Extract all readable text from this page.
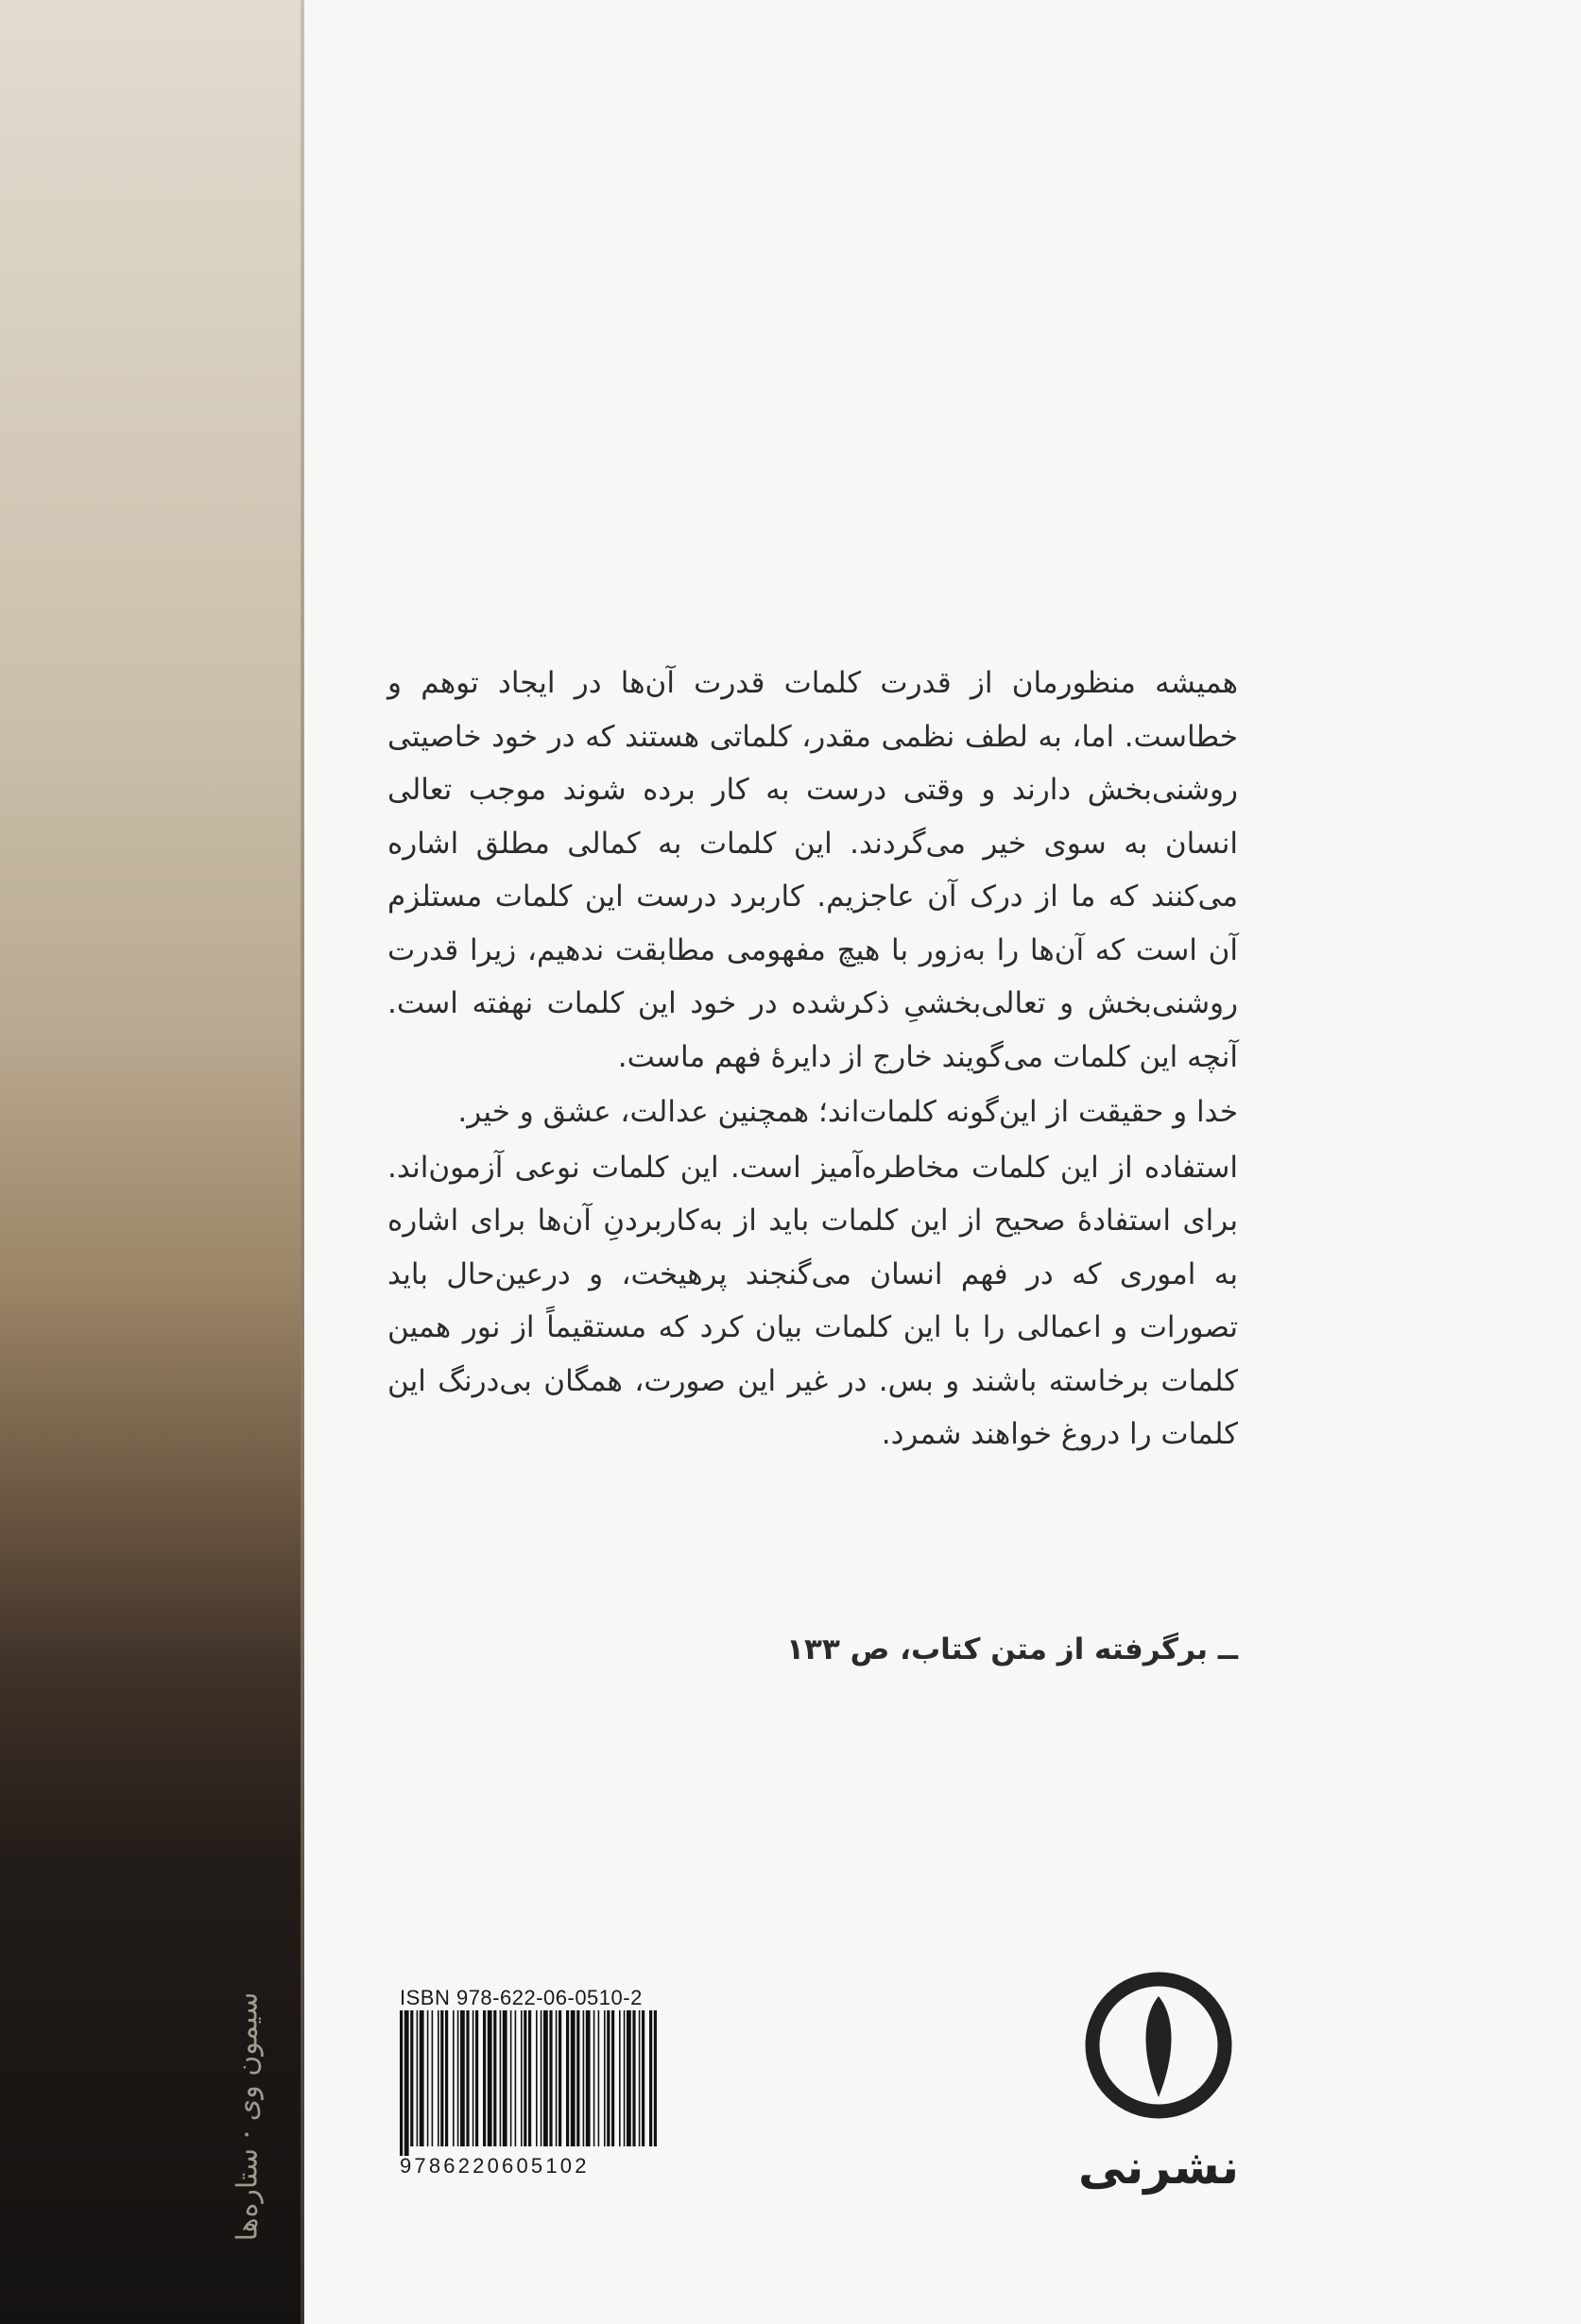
سیمون وی · ستاره‌ها

همیشه منظورمان از قدرت کلمات قدرت آن‌ها در ایجاد توهم و خطاست. اما، به لطف نظمی مقدر، کلماتی هستند که در خود خاصیتی روشنی‌بخش دارند و وقتی درست به کار برده شوند موجب تعالی انسان به سوی خیر می‌گردند. این کلمات به کمالی مطلق اشاره می‌کنند که ما از درک آن عاجزیم. کاربرد درست این کلمات مستلزم آن است که آن‌ها را به‌زور با هیچ مفهومی مطابقت ندهیم، زیرا قدرت روشنی‌بخش و تعالی‌بخشیِ ذکرشده در خود این کلمات نهفته است. آنچه این کلمات می‌گویند خارج از دایرهٔ فهم ماست.

خدا و حقیقت از این‌گونه کلمات‌اند؛ همچنین عدالت، عشق و خیر.

استفاده از این کلمات مخاطره‌آمیز است. این کلمات نوعی آزمون‌اند. برای استفادهٔ صحیح از این کلمات باید از به‌کاربردنِ آن‌ها برای اشاره به اموری که در فهم انسان می‌گنجند پرهیخت، و درعین‌حال باید تصورات و اعمالی را با این کلمات بیان کرد که مستقیماً از نور همین کلمات برخاسته باشند و بس. در غیر این صورت، همگان بی‌درنگ این کلمات را دروغ خواهند شمرد.

ــ برگرفته از متن کتاب، ص ۱۳۳
ISBN 978-622-06-0510-2
9786220605102	نشرنی
